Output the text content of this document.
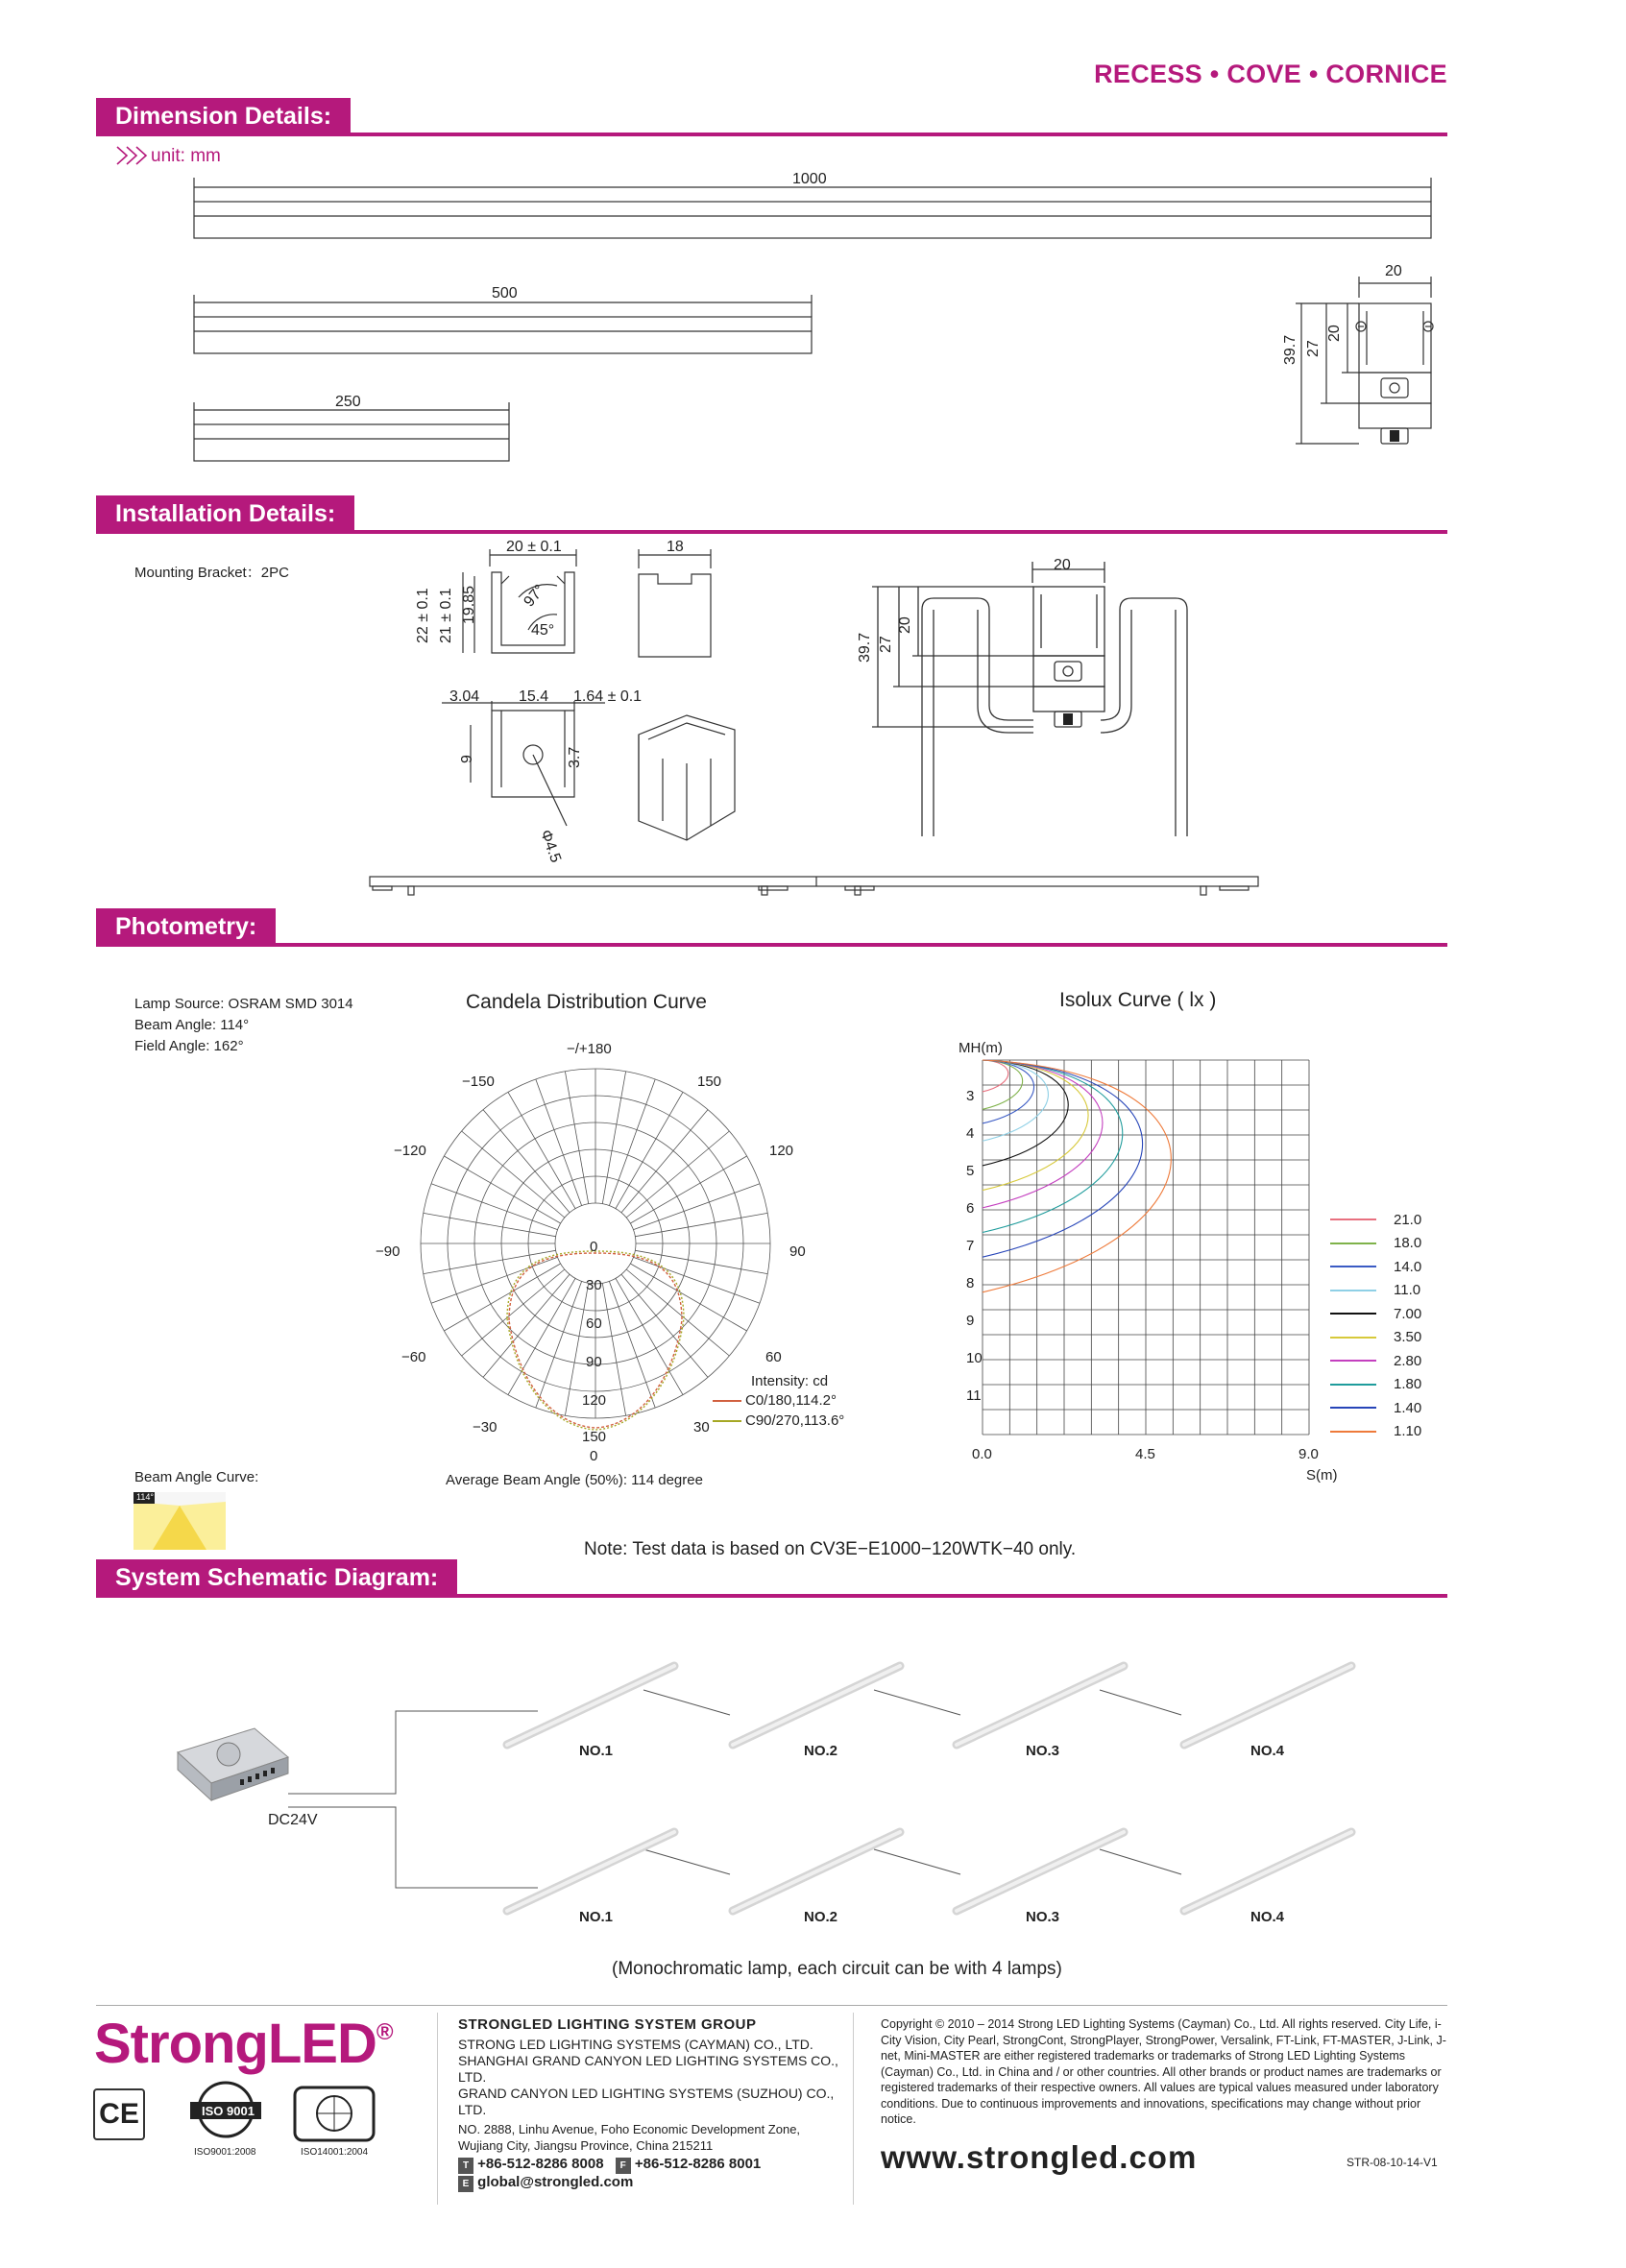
RECESS • COVE • CORNICE
Dimension Details:
unit: mm
1000
500
250
20
39.7 27
20
Installation Details:
Mounting Bracket：2PC
20 ± 0.1
22 ± 0.1 21 ± 0.1 19.85	97°
45°
18
3.04	15.4 1.64 ± 0.1
9	3.7
Φ4.5
20
39.7 27
20
Photometry:
Lamp Source: OSRAM SMD 3014
Beam Angle: 114°
Field Angle: 162°
Candela Distribution Curve
−/+180
−150
−120
−90
−60
−30
150
120
90
60
30
0
30
60
90
120
150
0
Intensity: cd
C0/180,114.2°
C90/270,113.6°
Average Beam Angle (50%): 114 degree
Beam Angle Curve:
114°
Isolux Curve ( lx )
MH(m)
S(m)
3
4
5
6
7
8
9
10
11
0.0	4.5	9.0
21.0
18.0
14.0
11.0
7.00
3.50
2.80
1.80
1.40
1.10
Note: Test data is based on CV3E−E1000−120WTK−40 only.
System Schematic Diagram:
DC24V
NO.1	NO.2	NO.3	NO.4
NO.1	NO.2	NO.3	NO.4
(Monochromatic lamp, each circuit can be with 4 lamps)
StrongLED®
CE	ISO 9001
ISO9001:2008	ISO14001:2004
STRONGLED LIGHTING SYSTEM GROUP
STRONG LED LIGHTING SYSTEMS (CAYMAN) CO., LTD.
SHANGHAI GRAND CANYON LED LIGHTING SYSTEMS CO., LTD.
GRAND CANYON LED LIGHTING SYSTEMS (SUZHOU) CO., LTD.
NO. 2888, Linhu Avenue, Foho Economic Development Zone,
Wujiang City, Jiangsu Province, China 215211
T +86-512-8286 8008 F +86-512-8286 8001
E global@strongled.com
Copyright © 2010 – 2014 Strong LED Lighting Systems (Cayman) Co., Ltd. All rights reserved. City Life, i-City Vision, City Pearl, StrongCont, StrongPlayer, StrongPower, Versalink, FT-Link, FT-MASTER, J-Link, J-net, Mini-MASTER are either registered trademarks or trademarks of Strong LED Lighting Systems (Cayman) Co., Ltd. in China and / or other countries. All other brands or product names are trademarks or registered trademarks of their respective owners. All values are typical values measured under laboratory conditions. Due to continuous improvements and innovations, specifications may change without prior notice.
www.strongled.com	STR-08-10-14-V1
